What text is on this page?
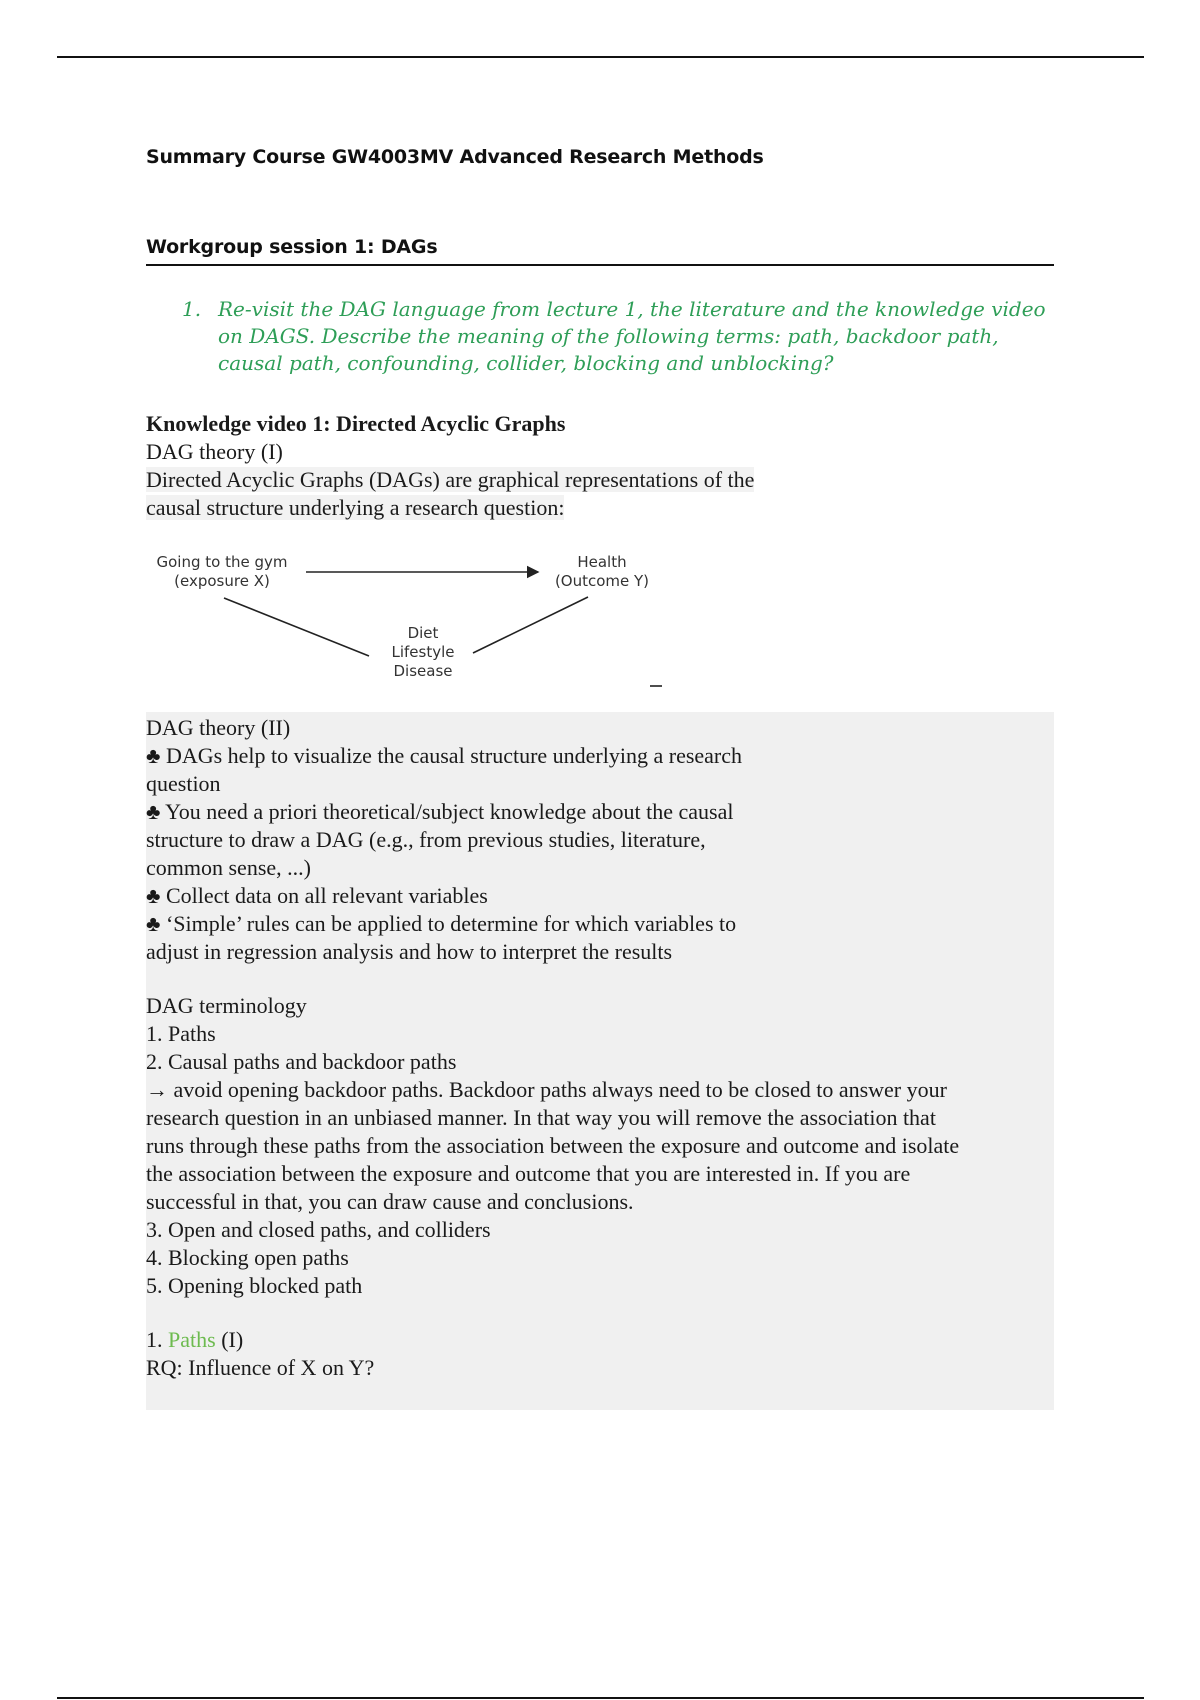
Summary Course GW4003MV Advanced Research Methods
Workgroup session 1: DAGs
1. Re-visit the DAG language from lecture 1, the literature and the knowledge video on DAGS. Describe the meaning of the following terms: path, backdoor path, causal path, confounding, collider, blocking and unblocking?
Knowledge video 1: Directed Acyclic Graphs
DAG theory (I)
Directed Acyclic Graphs (DAGs) are graphical representations of the
causal structure underlying a research question:
Going to the gym
(exposure X)
Health
(Outcome Y)
Diet
Lifestyle
Disease
DAG theory (II)
♣ DAGs help to visualize the causal structure underlying a research
question
♣ You need a priori theoretical/subject knowledge about the causal
structure to draw a DAG (e.g., from previous studies, literature,
common sense, ...)
♣ Collect data on all relevant variables
♣ ‘Simple’ rules can be applied to determine for which variables to
adjust in regression analysis and how to interpret the results
DAG terminology
1. Paths
2. Causal paths and backdoor paths
→ avoid opening backdoor paths. Backdoor paths always need to be closed to answer your
research question in an unbiased manner. In that way you will remove the association that
runs through these paths from the association between the exposure and outcome and isolate
the association between the exposure and outcome that you are interested in. If you are
successful in that, you can draw cause and conclusions.
3. Open and closed paths, and colliders
4. Blocking open paths
5. Opening blocked path
1. Paths (I)
RQ: Influence of X on Y?
